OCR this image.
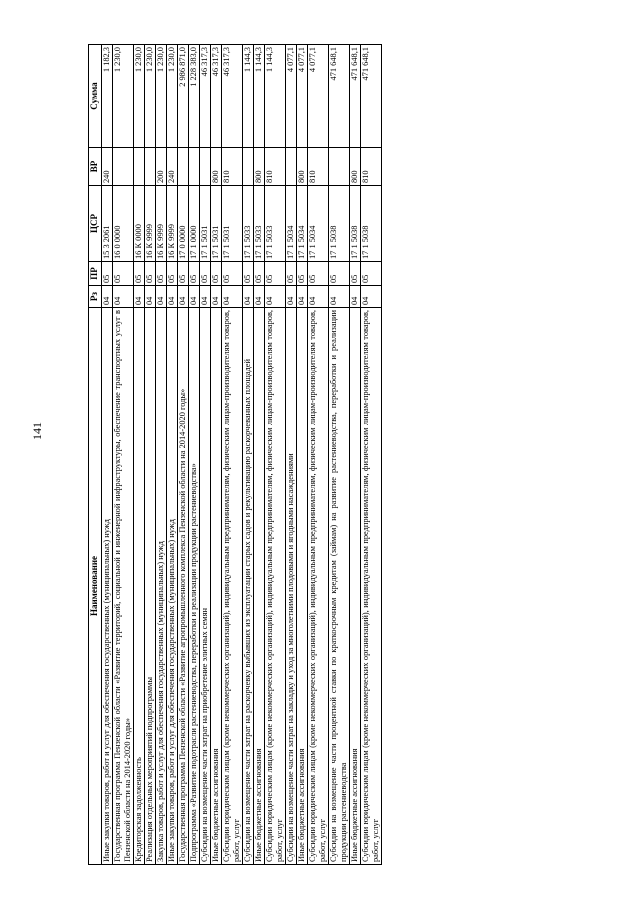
141
Наименование	Рз	ПР	ЦСР	ВР	Сумма
Иные закупки товаров, работ и услуг для обеспечения государственных (муниципальных) нужд	04	05	15 3 2061	240	1 182,3
Государственная программа Пензенской области «Развитие территорий, социальной и инженерной инфраструктуры, обеспечение транспортных услуг в Пензенской области на 2014-2020 годы»	04	05	16 0 0000		1 230,0
Кредиторская задолженность	04	05	16 К 0000		1 230,0
Реализация отдельных мероприятий подпрограммы	04	05	16 К 9999		1 230,0
Закупка товаров, работ и услуг для обеспечения государственных (муниципальных) нужд	04	05	16 К 9999	200	1 230,0
Иные закупки товаров, работ и услуг для обеспечения государственных (муниципальных) нужд	04	05	16 К 9999	240	1 230,0
Государственная программа Пензенской области «Развитие агропромышленного комплекса Пензенской области на 2014-2020 годы»	04	05	17 0 0000		2 986 871,0
Подпрограмма «Развитие подотрасли растениеводства, переработки и реализации продукции растениеводства»	04	05	17 1 0000		1 228 383,0
Субсидии на возмещение части затрат на приобретение элитных семян	04	05	17 1 5031		46 317,3
Иные бюджетные ассигнования	04	05	17 1 5031	800	46 317,3
Субсидии юридическим лицам (кроме некоммерческих организаций), индивидуальным предпринимателям, физическим лицам-производителям товаров, работ, услуг	04	05	17 1 5031	810	46 317,3
Субсидии на возмещение части затрат на раскорчевку выбывших из эксплуатации старых садов и рекультивацию раскорчеванных площадей	04	05	17 1 5033		1 144,3
Иные бюджетные ассигнования	04	05	17 1 5033	800	1 144,3
Субсидии юридическим лицам (кроме некоммерческих организаций), индивидуальным предпринимателям, физическим лицам-производителям товаров, работ, услуг	04	05	17 1 5033	810	1 144,3
Субсидии на возмещение части затрат на закладку и уход за многолетними плодовыми и ягодными насаждениями	04	05	17 1 5034		4 077,1
Иные бюджетные ассигнования	04	05	17 1 5034	800	4 077,1
Субсидии юридическим лицам (кроме некоммерческих организаций), индивидуальным предпринимателям, физическим лицам-производителям товаров, работ, услуг	04	05	17 1 5034	810	4 077,1
Субсидии на возмещение части процентной ставки по краткосрочным кредитам (займам) на развитие растениеводства, переработки и реализации продукции растениеводства	04	05	17 1 5038		471 648,1
Иные бюджетные ассигнования	04	05	17 1 5038	800	471 648,1
Субсидии юридическим лицам (кроме некоммерческих организаций), индивидуальным предпринимателям, физическим лицам-производителям товаров, работ, услуг	04	05	17 1 5038	810	471 648,1
